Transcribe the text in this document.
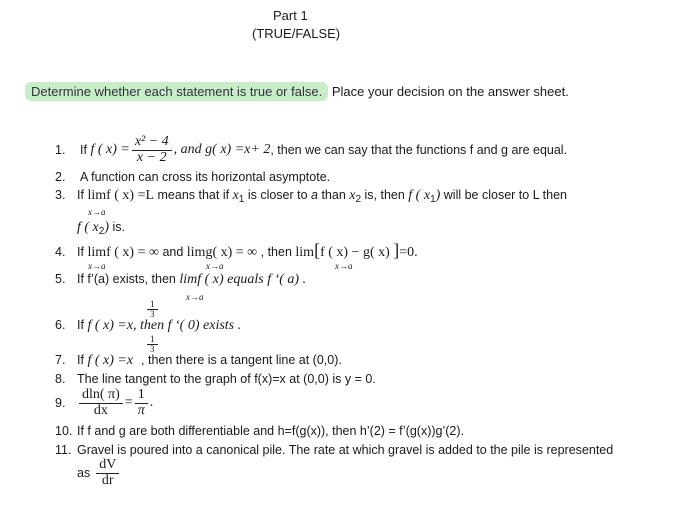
Part 1
(TRUE/FALSE)
Determine whether each statement is true or false. Place your decision on the answer sheet.
1.	If
f ( $x) = \frac{\text{x² − 4}}{x - 2}$ , and g( x) =x+ 2 , then we can say that the functions f and g are equal.
2. A function can cross its horizontal asymptote.
3. If limf ( x) =L means that if $x_1$ is closer to a than $x_2$ is, then f ( $x_1$) will be closer to L then
x→a
f ( $x_2$) is.
4. If limf ( x) = ∞ and limg( x) = ∞ , then lim[f ( x) − g( x) ]=0.
x→a	x→a	x→a
5. If f’(a) exists, then limf ( x) equals f ‘( a) .
x→a
6. If f ( x) =x, then f ‘( 0) exists .
$\frac{1}{3}$
7. If f ( x) =x , then there is a tangent line at (0,0).
$\frac{1}{3}$
8. The line tangent to the graph of f(x)=x at (0,0) is y = 0.
9. $\frac{dln( \pi)}{dx} = \frac{1}{\pi}$ .
10. If f and g are both differentiable and h=f(g(x)), then h’(2) = f’(g(x))g’(2).
11. Gravel is poured into a canonical pile. The rate at which gravel is added to the pile is represented
as $\frac{dV}{dr}$
